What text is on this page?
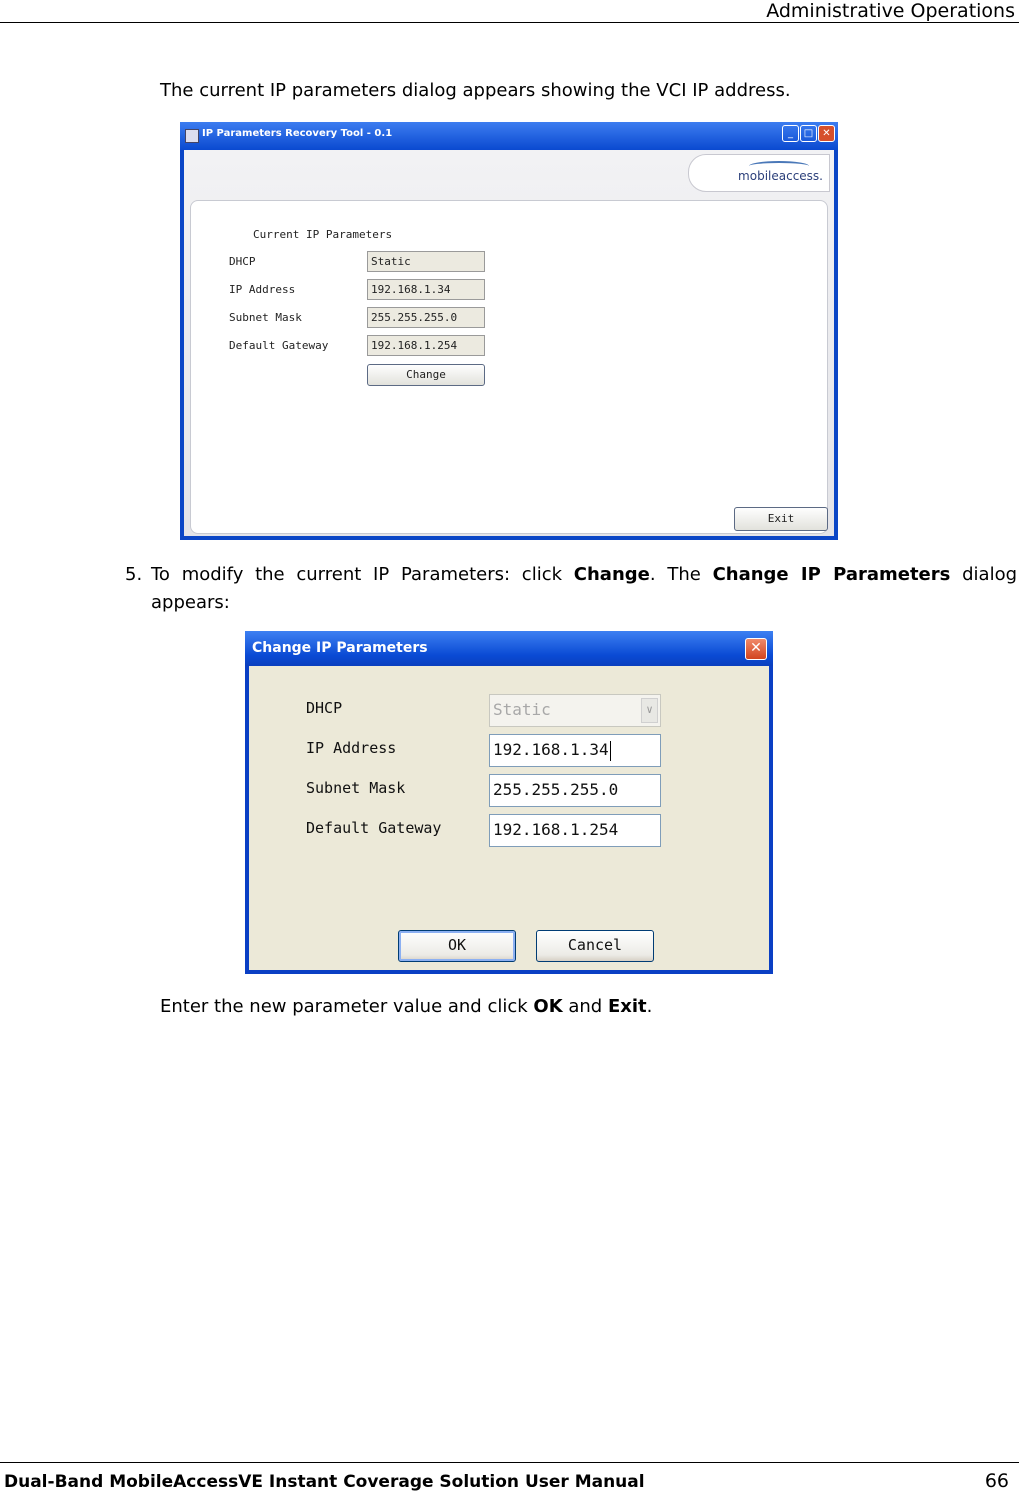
Administrative Operations
The current IP parameters dialog appears showing the VCI IP address.
IP Parameters Recovery Tool - 0.1	_	□ ✕
mobileaccess.
Current IP Parameters
DHCP	Static
IP Address	192.168.1.34
Subnet Mask	255.255.255.0
Default Gateway	192.168.1.254
Change
Exit
5. To modify the current IP Parameters: click Change. The Change IP Parameters dialog
appears:
Change IP Parameters	✕
DHCP	Static	∨
IP Address	192.168.1.34
Subnet Mask	255.255.255.0
Default Gateway	192.168.1.254
OK	Cancel
Enter the new parameter value and click OK and Exit.
Dual-Band MobileAccessVE Instant Coverage Solution User Manual	66
